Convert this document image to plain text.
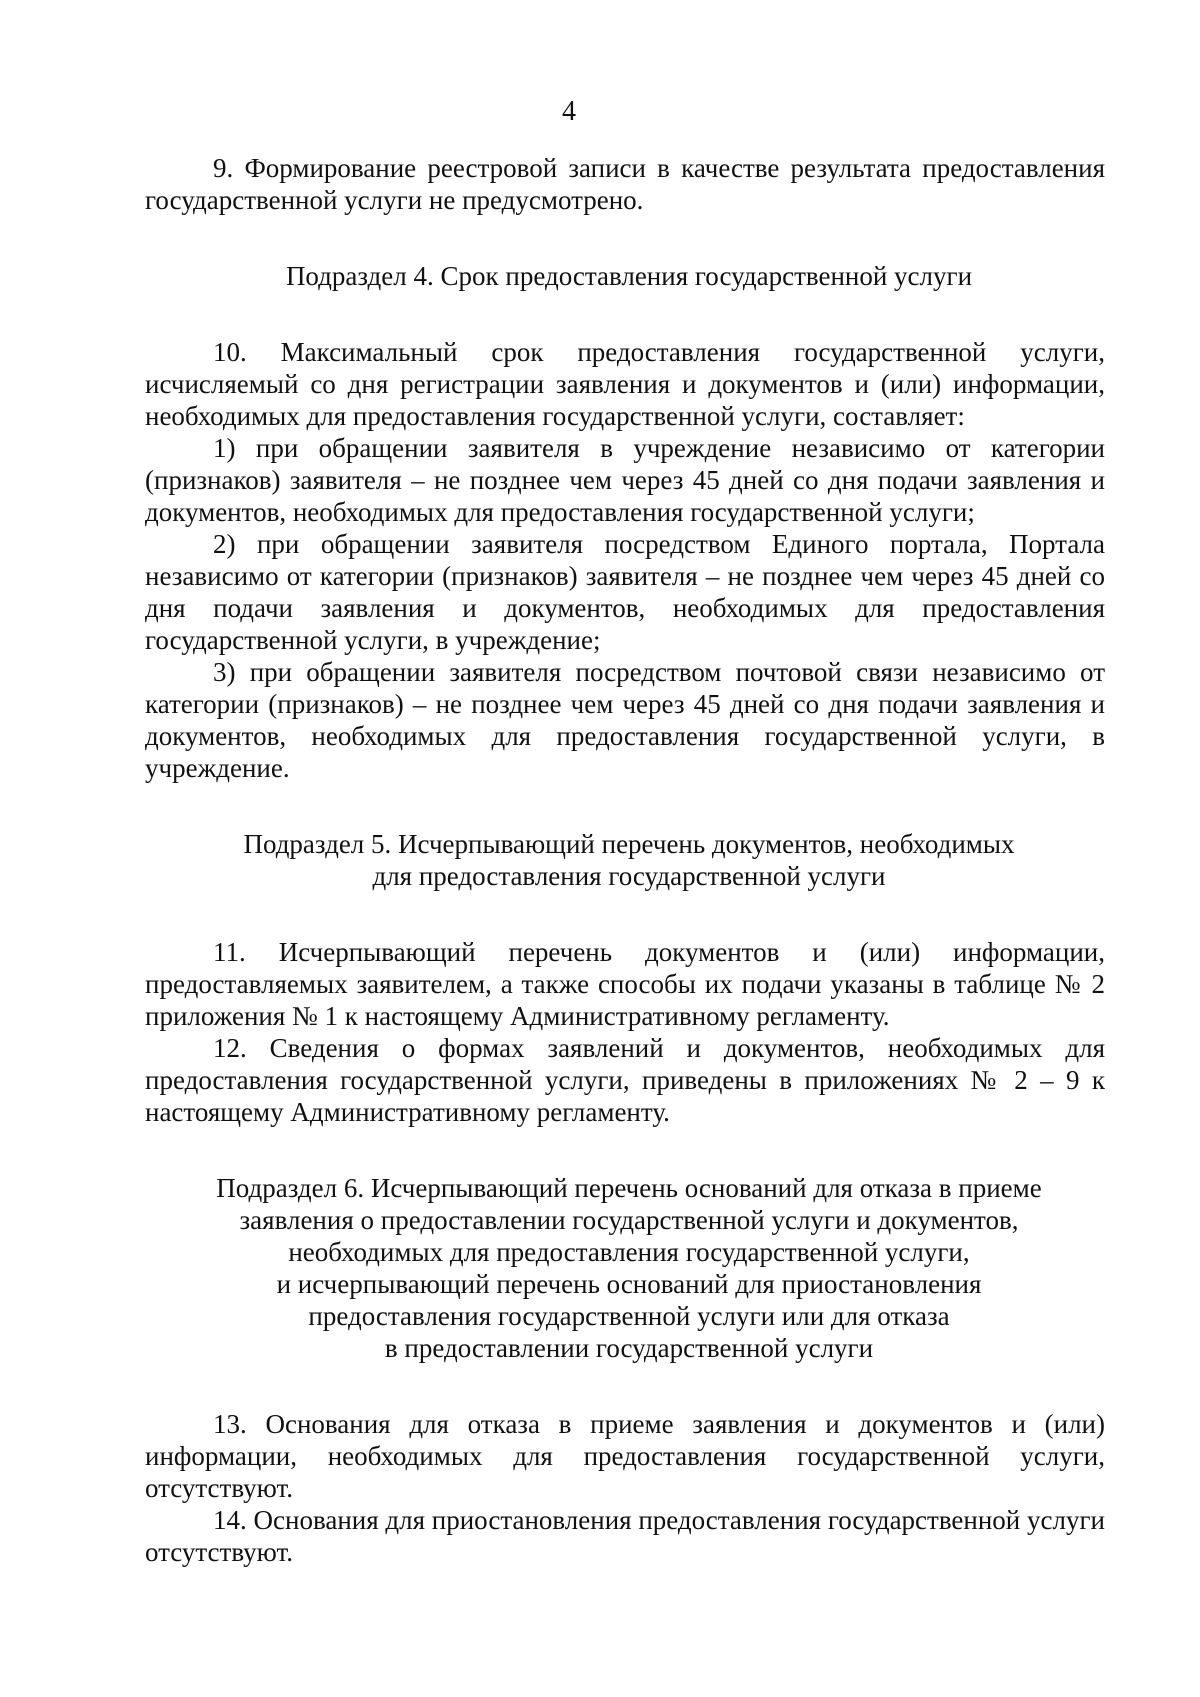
4

9. Формирование реестровой записи в качестве результата предоставления государственной услуги не предусмотрено.

Подраздел 4. Срок предоставления государственной услуги

10. Максимальный срок предоставления государственной услуги, исчисляемый со дня регистрации заявления и документов и (или) информации, необходимых для предоставления государственной услуги, составляет:

1) при обращении заявителя в учреждение независимо от категории (признаков) заявителя – не позднее чем через 45 дней со дня подачи заявления и документов, необходимых для предоставления государственной услуги;

2) при обращении заявителя посредством Единого портала, Портала независимо от категории (признаков) заявителя – не позднее чем через 45 дней со дня подачи заявления и документов, необходимых для предоставления государственной услуги, в учреждение;

3) при обращении заявителя посредством почтовой связи независимо от категории (признаков) – не позднее чем через 45 дней со дня подачи заявления и документов, необходимых для предоставления государственной услуги, в учреждение.

Подраздел 5. Исчерпывающий перечень документов, необходимых
для предоставления государственной услуги

11. Исчерпывающий перечень документов и (или) информации, предоставляемых заявителем, а также способы их подачи указаны в таблице № 2 приложения № 1 к настоящему Административному регламенту.

12. Сведения о формах заявлений и документов, необходимых для предоставления государственной услуги, приведены в приложениях № 2 – 9 к настоящему Административному регламенту.

Подраздел 6. Исчерпывающий перечень оснований для отказа в приеме
заявления о предоставлении государственной услуги и документов,
необходимых для предоставления государственной услуги,
и исчерпывающий перечень оснований для приостановления
предоставления государственной услуги или для отказа
в предоставлении государственной услуги

13. Основания для отказа в приеме заявления и документов и (или) информации, необходимых для предоставления государственной услуги, отсутствуют.

14. Основания для приостановления предоставления государственной услуги отсутствуют.
